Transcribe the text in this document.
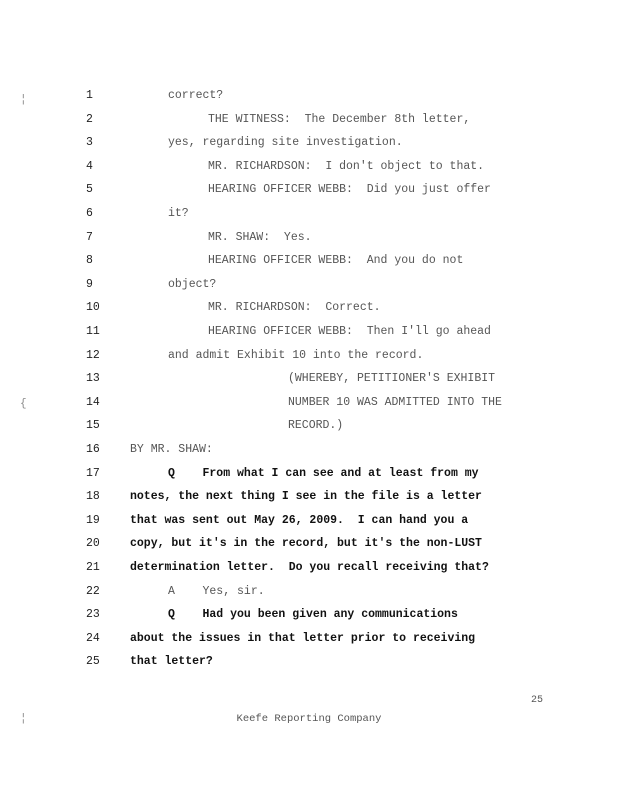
1	correct?
2	THE WITNESS:  The December 8th letter,
3	yes, regarding site investigation.
4	MR. RICHARDSON:  I don't object to that.
5	HEARING OFFICER WEBB:  Did you just offer
6	it?
7	MR. SHAW:  Yes.
8	HEARING OFFICER WEBB:  And you do not
9	object?
10	MR. RICHARDSON:  Correct.
11	HEARING OFFICER WEBB:  Then I'll go ahead
12	and admit Exhibit 10 into the record.
13	(WHEREBY, PETITIONER'S EXHIBIT
14	NUMBER 10 WAS ADMITTED INTO THE
15	RECORD.)
16	BY MR. SHAW:
17	Q    From what I can see and at least from my
18	notes, the next thing I see in the file is a letter
19	that was sent out May 26, 2009.  I can hand you a
20	copy, but it's in the record, but it's the non-LUST
21	determination letter.  Do you recall receiving that?
22	A    Yes, sir.
23	Q    Had you been given any communications
24	about the issues in that letter prior to receiving
25	that letter?
¦
{
¦
25
Keefe Reporting Company
